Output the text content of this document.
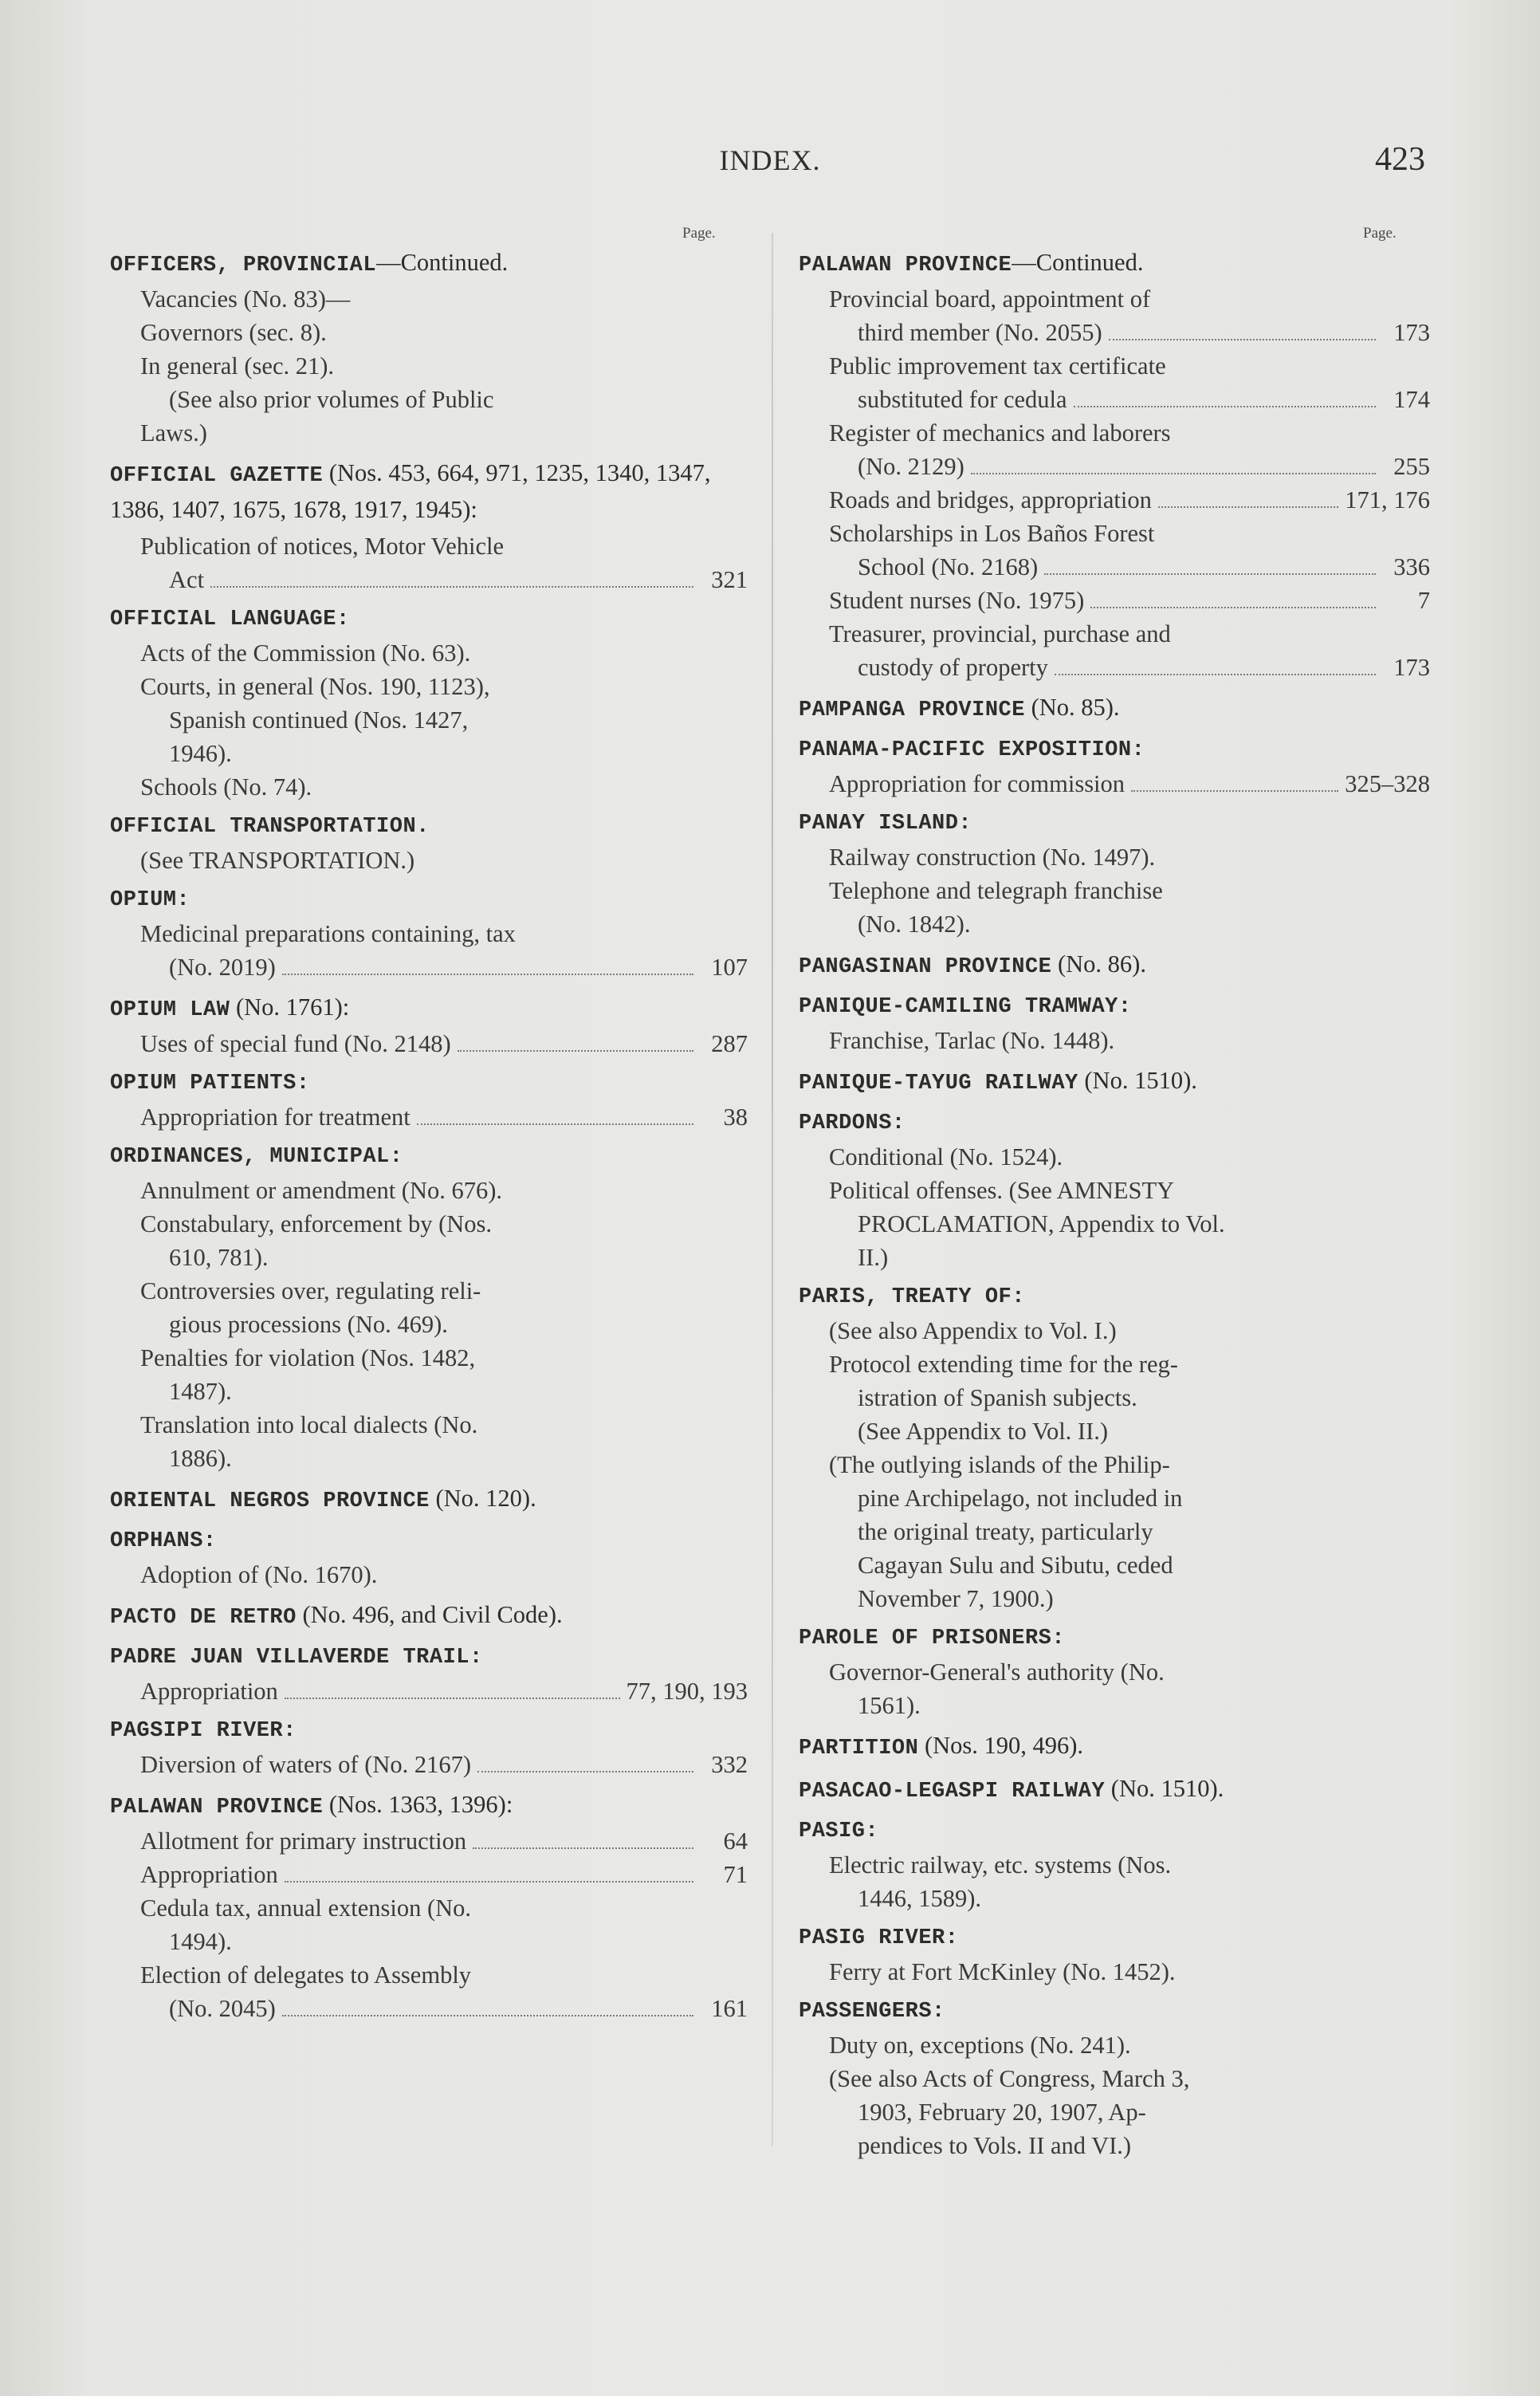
INDEX.	423
Page.	Page.
OFFICERS, PROVINCIAL—Continued.
Vacancies (No. 83)—
Governors (sec. 8).
In general (sec. 21).
(See also prior volumes of Public
Laws.)
OFFICIAL GAZETTE (Nos. 453, 664, 971, 1235, 1340, 1347, 1386, 1407, 1675, 1678, 1917, 1945):
Publication of notices, Motor Vehicle
Act	321
OFFICIAL LANGUAGE:
Acts of the Commission (No. 63).
Courts, in general (Nos. 190, 1123),
Spanish continued (Nos. 1427,
1946).
Schools (No. 74).
OFFICIAL TRANSPORTATION.
(See TRANSPORTATION.)
OPIUM:
Medicinal preparations containing, tax
(No. 2019)	107
OPIUM LAW (No. 1761):
Uses of special fund (No. 2148)	287
OPIUM PATIENTS:
Appropriation for treatment	38
ORDINANCES, MUNICIPAL:
Annulment or amendment (No. 676).
Constabulary, enforcement by (Nos.
610, 781).
Controversies over, regulating reli-
gious processions (No. 469).
Penalties for violation (Nos. 1482,
1487).
Translation into local dialects (No.
1886).
ORIENTAL NEGROS PROVINCE (No. 120).
ORPHANS:
Adoption of (No. 1670).
PACTO DE RETRO (No. 496, and Civil Code).
PADRE JUAN VILLAVERDE TRAIL:
Appropriation	77, 190, 193
PAGSIPI RIVER:
Diversion of waters of (No. 2167)	332
PALAWAN PROVINCE (Nos. 1363, 1396):
Allotment for primary instruction	64
Appropriation	71
Cedula tax, annual extension (No.
1494).
Election of delegates to Assembly
(No. 2045)	161
PALAWAN PROVINCE—Continued.
Provincial board, appointment of
third member (No. 2055)	173
Public improvement tax certificate
substituted for cedula	174
Register of mechanics and laborers
(No. 2129)	255
Roads and bridges, appropriation	171, 176
Scholarships in Los Baños Forest
School (No. 2168)	336
Student nurses (No. 1975)	7
Treasurer, provincial, purchase and
custody of property	173
PAMPANGA PROVINCE (No. 85).
PANAMA-PACIFIC EXPOSITION:
Appropriation for commission	325–328
PANAY ISLAND:
Railway construction (No. 1497).
Telephone and telegraph franchise
(No. 1842).
PANGASINAN PROVINCE (No. 86).
PANIQUE-CAMILING TRAMWAY:
Franchise, Tarlac (No. 1448).
PANIQUE-TAYUG RAILWAY (No. 1510).
PARDONS:
Conditional (No. 1524).
Political offenses. (See AMNESTY
PROCLAMATION, Appendix to Vol.
II.)
PARIS, TREATY OF:
(See also Appendix to Vol. I.)
Protocol extending time for the reg-
istration of Spanish subjects.
(See Appendix to Vol. II.)
(The outlying islands of the Philip-
pine Archipelago, not included in
the original treaty, particularly
Cagayan Sulu and Sibutu, ceded
November 7, 1900.)
PAROLE OF PRISONERS:
Governor-General's authority (No.
1561).
PARTITION (Nos. 190, 496).
PASACAO-LEGASPI RAILWAY (No. 1510).
PASIG:
Electric railway, etc. systems (Nos.
1446, 1589).
PASIG RIVER:
Ferry at Fort McKinley (No. 1452).
PASSENGERS:
Duty on, exceptions (No. 241).
(See also Acts of Congress, March 3,
1903, February 20, 1907, Ap-
pendices to Vols. II and VI.)
